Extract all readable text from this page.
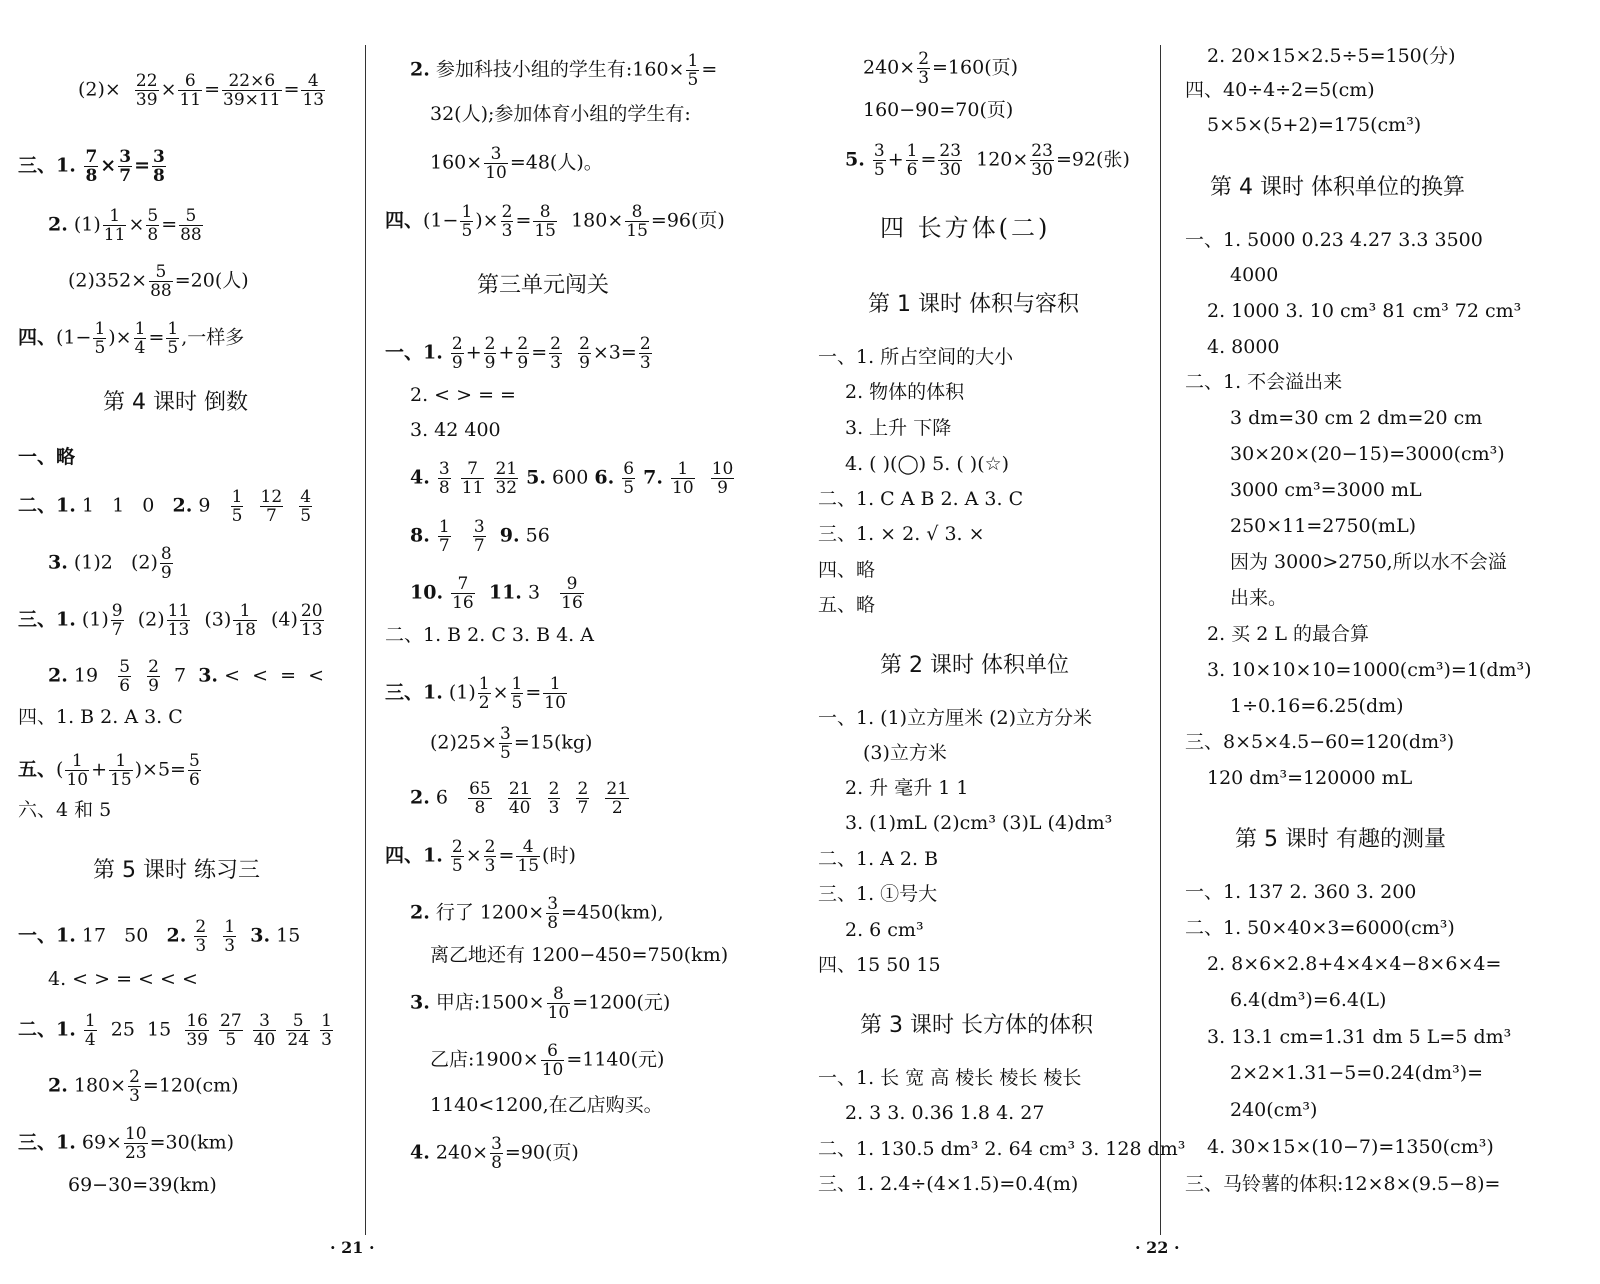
$(2)\times \frac{22}{39} \times \frac{6}{11} = \frac{22\times 6}{39\times 11} = \frac{4}{13}$
三、1. $\frac{7}{8} \times \frac{3}{7} = \frac{3}{8}$
2. $(1) \frac{1}{11} \times \frac{5}{8} = \frac{5}{88}$
$(2)352\times \frac{5}{88} =20$(人)
四、($1- \frac{1}{5}$ )× $\frac{1}{4} = \frac{1}{5}$ ,一样多
第 4 课时 倒数
一、略
二、1. 1   1   0   2. $9 \frac{1}{5}$
$\frac{12}{7}$
$\frac{4}{5}$
3. (1)2   $(2) \frac{8}{9}$
三、1. $(1) \frac{9}{7} (2) \frac{11}{13} (3) \frac{1}{18} (4) \frac{20}{13}$
2. $19 \frac{5}{6}$
$\frac{2}{9} 7$  3. <  <  =  <
四、1. B 2. A 3. C
五、( $\frac{1}{10} + \frac{1}{15} )\times 5= \frac{5}{6}$
六、4 和 5
第 5 课时 练习三
一、1. 17   50   2. $\frac{2}{3}$
$\frac{1}{3} 3$. 15
4. < > = < < <
二、1. $\frac{1}{4} 25$  $15 \frac{16}{39}$
$\frac{27}{5}$
$\frac{3}{40}$
$\frac{5}{24}$
$\frac{1}{3}$
2. $180\times \frac{2}{3} =120(cm)$
三、1. $69\times \frac{10}{23} =30(km)$
69−30=39(km)
· 21 ·
2. 参加科技小组的学生有:160× $\frac{1}{5}$ =
32(人);参加体育小组的学生有:
$160\times \frac{3}{10} =48$(人)。
四、($1- \frac{1}{5}$ )× $\frac{2}{3} = \frac{8}{15} 180\times \frac{8}{15} =96$(页)
第三单元闯关
一、1. $\frac{2}{9} + \frac{2}{9} + \frac{2}{9} = \frac{2}{3}$
$\frac{2}{9} \times 3= \frac{2}{3}$
2. < > = =
3. 42 400
4. $\frac{3}{8}$
$\frac{7}{11}$
$\frac{21}{32} 5$. 600 6. $\frac{6}{5} 7$. $\frac{1}{10}$
$\frac{10}{9}$
8. $\frac{1}{7}$
$\frac{3}{7} 9$. 56
10. $\frac{7}{16} 11$. $3 \frac{9}{16}$
二、1. B 2. C 3. B 4. A
三、1. $(1) \frac{1}{2} \times \frac{1}{5} = \frac{1}{10}$
$(2)25\times \frac{3}{5} =15(kg)$
2. $6 \frac{65}{8}$
$\frac{21}{40}$
$\frac{2}{3}$
$\frac{2}{7}$
$\frac{21}{2}$
四、1. $\frac{2}{5} \times \frac{2}{3} = \frac{4}{15}$ (时)
2. 行了 $1200\times \frac{3}{8} =450(km)$,
离乙地还有 1200−450=750(km)
3. 甲店:1500× $\frac{8}{10} =1200$(元)
乙店:1900× $\frac{6}{10} =1140$(元)
1140<1200,在乙店购买。
4. $240\times \frac{3}{8} =90$(页)
$240\times \frac{2}{3} =160$(页)
160−90=70(页)
5. $\frac{3}{5} + \frac{1}{6} = \frac{23}{30} 120\times \frac{23}{30} =92$(张)
四 长方体(二)
第 1 课时 体积与容积
一、1. 所占空间的大小
2. 物体的体积
3. 上升 下降
4. ( )(◯) 5. ( )(☆)
二、1. C A B 2. A 3. C
三、1. × 2. √ 3. ×
四、略
五、略
第 2 课时 体积单位
一、1. (1)立方厘米 (2)立方分米
(3)立方米
2. 升 毫升 1 1
3. (1)mL (2)cm³ (3)L (4)dm³
二、1. A 2. B
三、1. ①号大
2. 6 cm³
四、15 50 15
第 3 课时 长方体的体积
一、1. 长 宽 高 棱长 棱长 棱长
2. 3 3. 0.36 1.8 4. 27
二、1. 130.5 dm³ 2. 64 cm³ 3. 128 dm³
三、1. 2.4÷(4×1.5)=0.4(m)
· 22 ·
2. 20×15×2.5÷5=150(分)
四、40÷4÷2=5(cm)
5×5×(5+2)=175(cm³)
第 4 课时 体积单位的换算
一、1. 5000 0.23 4.27 3.3 3500
4000
2. 1000 3. 10 cm³ 81 cm³ 72 cm³
4. 8000
二、1. 不会溢出来
3 dm=30 cm 2 dm=20 cm
30×20×(20−15)=3000(cm³)
3000 cm³=3000 mL
250×11=2750(mL)
因为 3000>2750,所以水不会溢
出来。
2. 买 2 L 的最合算
3. 10×10×10=1000(cm³)=1(dm³)
1÷0.16=6.25(dm)
三、8×5×4.5−60=120(dm³)
120 dm³=120000 mL
第 5 课时 有趣的测量
一、1. 137 2. 360 3. 200
二、1. 50×40×3=6000(cm³)
2. 8×6×2.8+4×4×4−8×6×4=
6.4(dm³)=6.4(L)
3. 13.1 cm=1.31 dm 5 L=5 dm³
2×2×1.31−5=0.24(dm³)=
240(cm³)
4. 30×15×(10−7)=1350(cm³)
三、马铃薯的体积:12×8×(9.5−8)=
